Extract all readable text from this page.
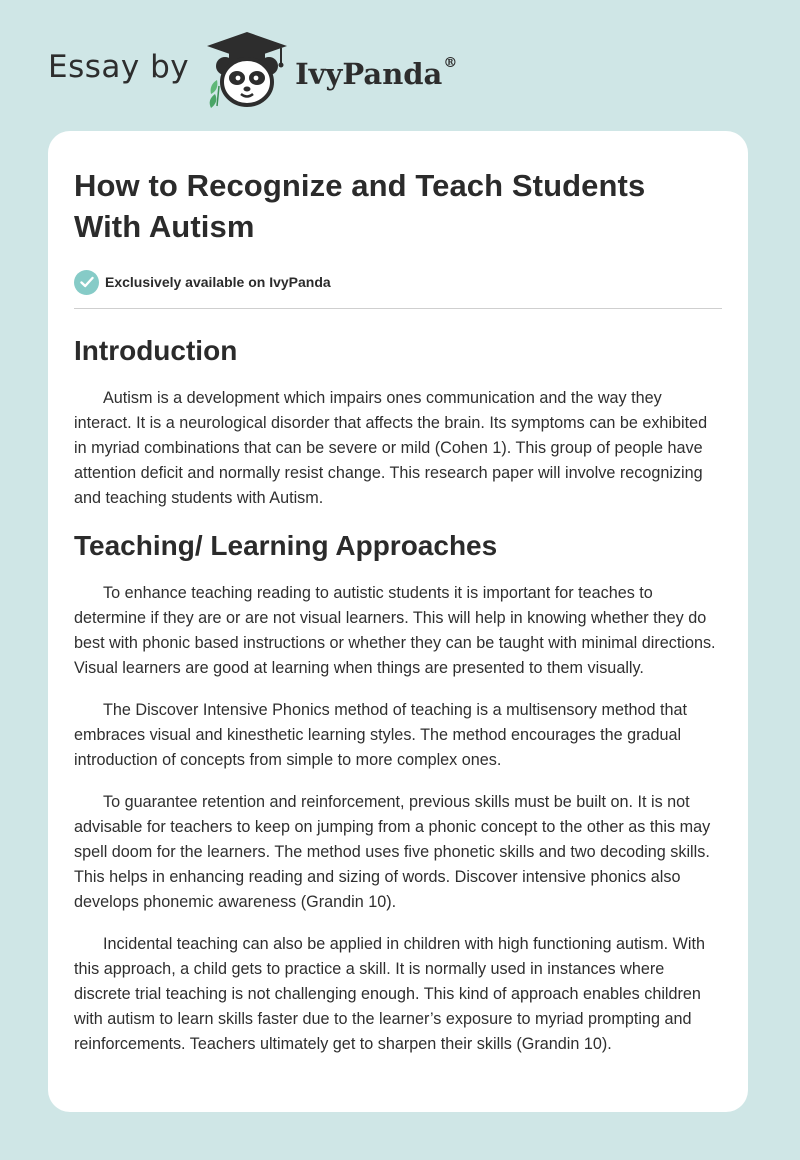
Essay by	IvyPanda®
How to Recognize and Teach Students
With Autism
Exclusively available on IvyPanda
Introduction

Autism is a development which impairs ones communication and the way they interact. It is a neurological disorder that affects the brain. Its symptoms can be exhibited in myriad combinations that can be severe or mild (Cohen 1). This group of people have attention deficit and normally resist change. This research paper will involve recognizing and teaching students with Autism.

Teaching/ Learning Approaches

To enhance teaching reading to autistic students it is important for teaches to determine if they are or are not visual learners. This will help in knowing whether they do best with phonic based instructions or whether they can be taught with minimal directions. Visual learners are good at learning when things are presented to them visually.

The Discover Intensive Phonics method of teaching is a multisensory method that embraces visual and kinesthetic learning styles. The method encourages the gradual introduction of concepts from simple to more complex ones.

To guarantee retention and reinforcement, previous skills must be built on. It is not advisable for teachers to keep on jumping from a phonic concept to the other as this may spell doom for the learners. The method uses five phonetic skills and two decoding skills. This helps in enhancing reading and sizing of words. Discover intensive phonics also develops phonemic awareness (Grandin 10).

Incidental teaching can also be applied in children with high functioning autism. With this approach, a child gets to practice a skill. It is normally used in instances where discrete trial teaching is not challenging enough. This kind of approach enables children with autism to learn skills faster due to the learner’s exposure to myriad prompting and reinforcements. Teachers ultimately get to sharpen their skills (Grandin 10).
